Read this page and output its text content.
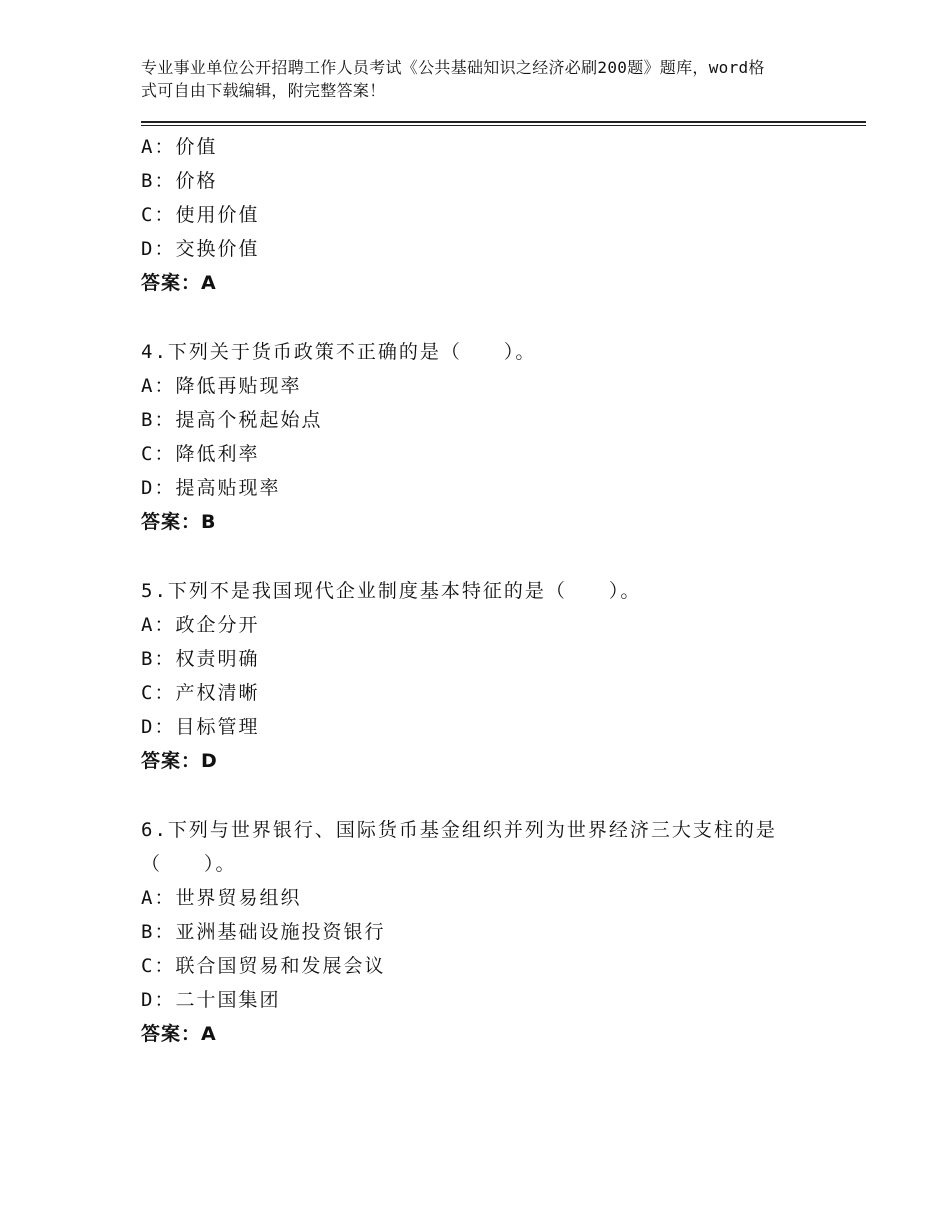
专业事业单位公开招聘工作人员考试《公共基础知识之经济必刷200题》题库，word格式可自由下载编辑，附完整答案！
A：价值
B：价格
C：使用价值
D：交换价值
答案：A
4.下列关于货币政策不正确的是（　　）。
A：降低再贴现率
B：提高个税起始点
C：降低利率
D：提高贴现率
答案：B
5.下列不是我国现代企业制度基本特征的是（　　）。
A：政企分开
B：权责明确
C：产权清晰
D：目标管理
答案：D
6.下列与世界银行、国际货币基金组织并列为世界经济三大支柱的是（　　）。
A：世界贸易组织
B：亚洲基础设施投资银行
C：联合国贸易和发展会议
D：二十国集团
答案：A
